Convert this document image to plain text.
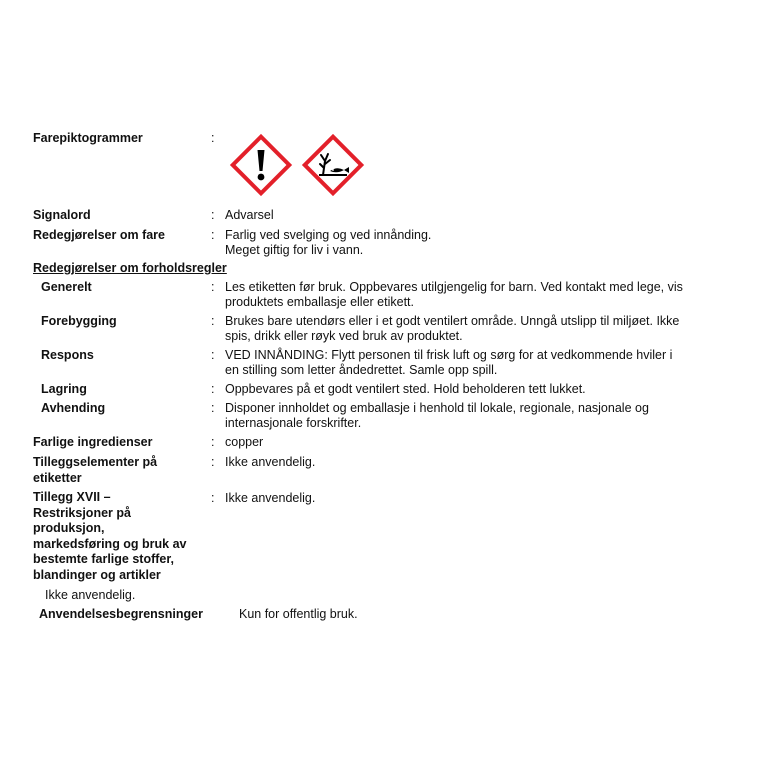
Farepiktogrammer	:
Signalord	: Advarsel
Redegjørelser om fare	: Farlig ved svelging og ved innånding.
Meget giftig for liv i vann.
Redegjørelser om forholdsregler
Generelt	: Les etiketten før bruk. Oppbevares utilgjengelig for barn. Ved kontakt med lege, vis
produktets emballasje eller etikett.
Forebygging	: Brukes bare utendørs eller i et godt ventilert område. Unngå utslipp til miljøet. Ikke
spis, drikk eller røyk ved bruk av produktet.
Respons	: VED INNÅNDING: Flytt personen til frisk luft og sørg for at vedkommende hviler i
en stilling som letter åndedrettet. Samle opp spill.
Lagring	: Oppbevares på et godt ventilert sted. Hold beholderen tett lukket.
Avhending	: Disponer innholdet og emballasje i henhold til lokale, regionale, nasjonale og
internasjonale forskrifter.
Farlige ingredienser	: copper
Tilleggselementer på
etiketter
: Ikke anvendelig.
Tillegg XVII –
Restriksjoner på
produksjon,
markedsføring og bruk av
bestemte farlige stoffer,
blandinger og artikler
: Ikke anvendelig.
Ikke anvendelig.
Anvendelsesbegrensninger	Kun for offentlig bruk.
